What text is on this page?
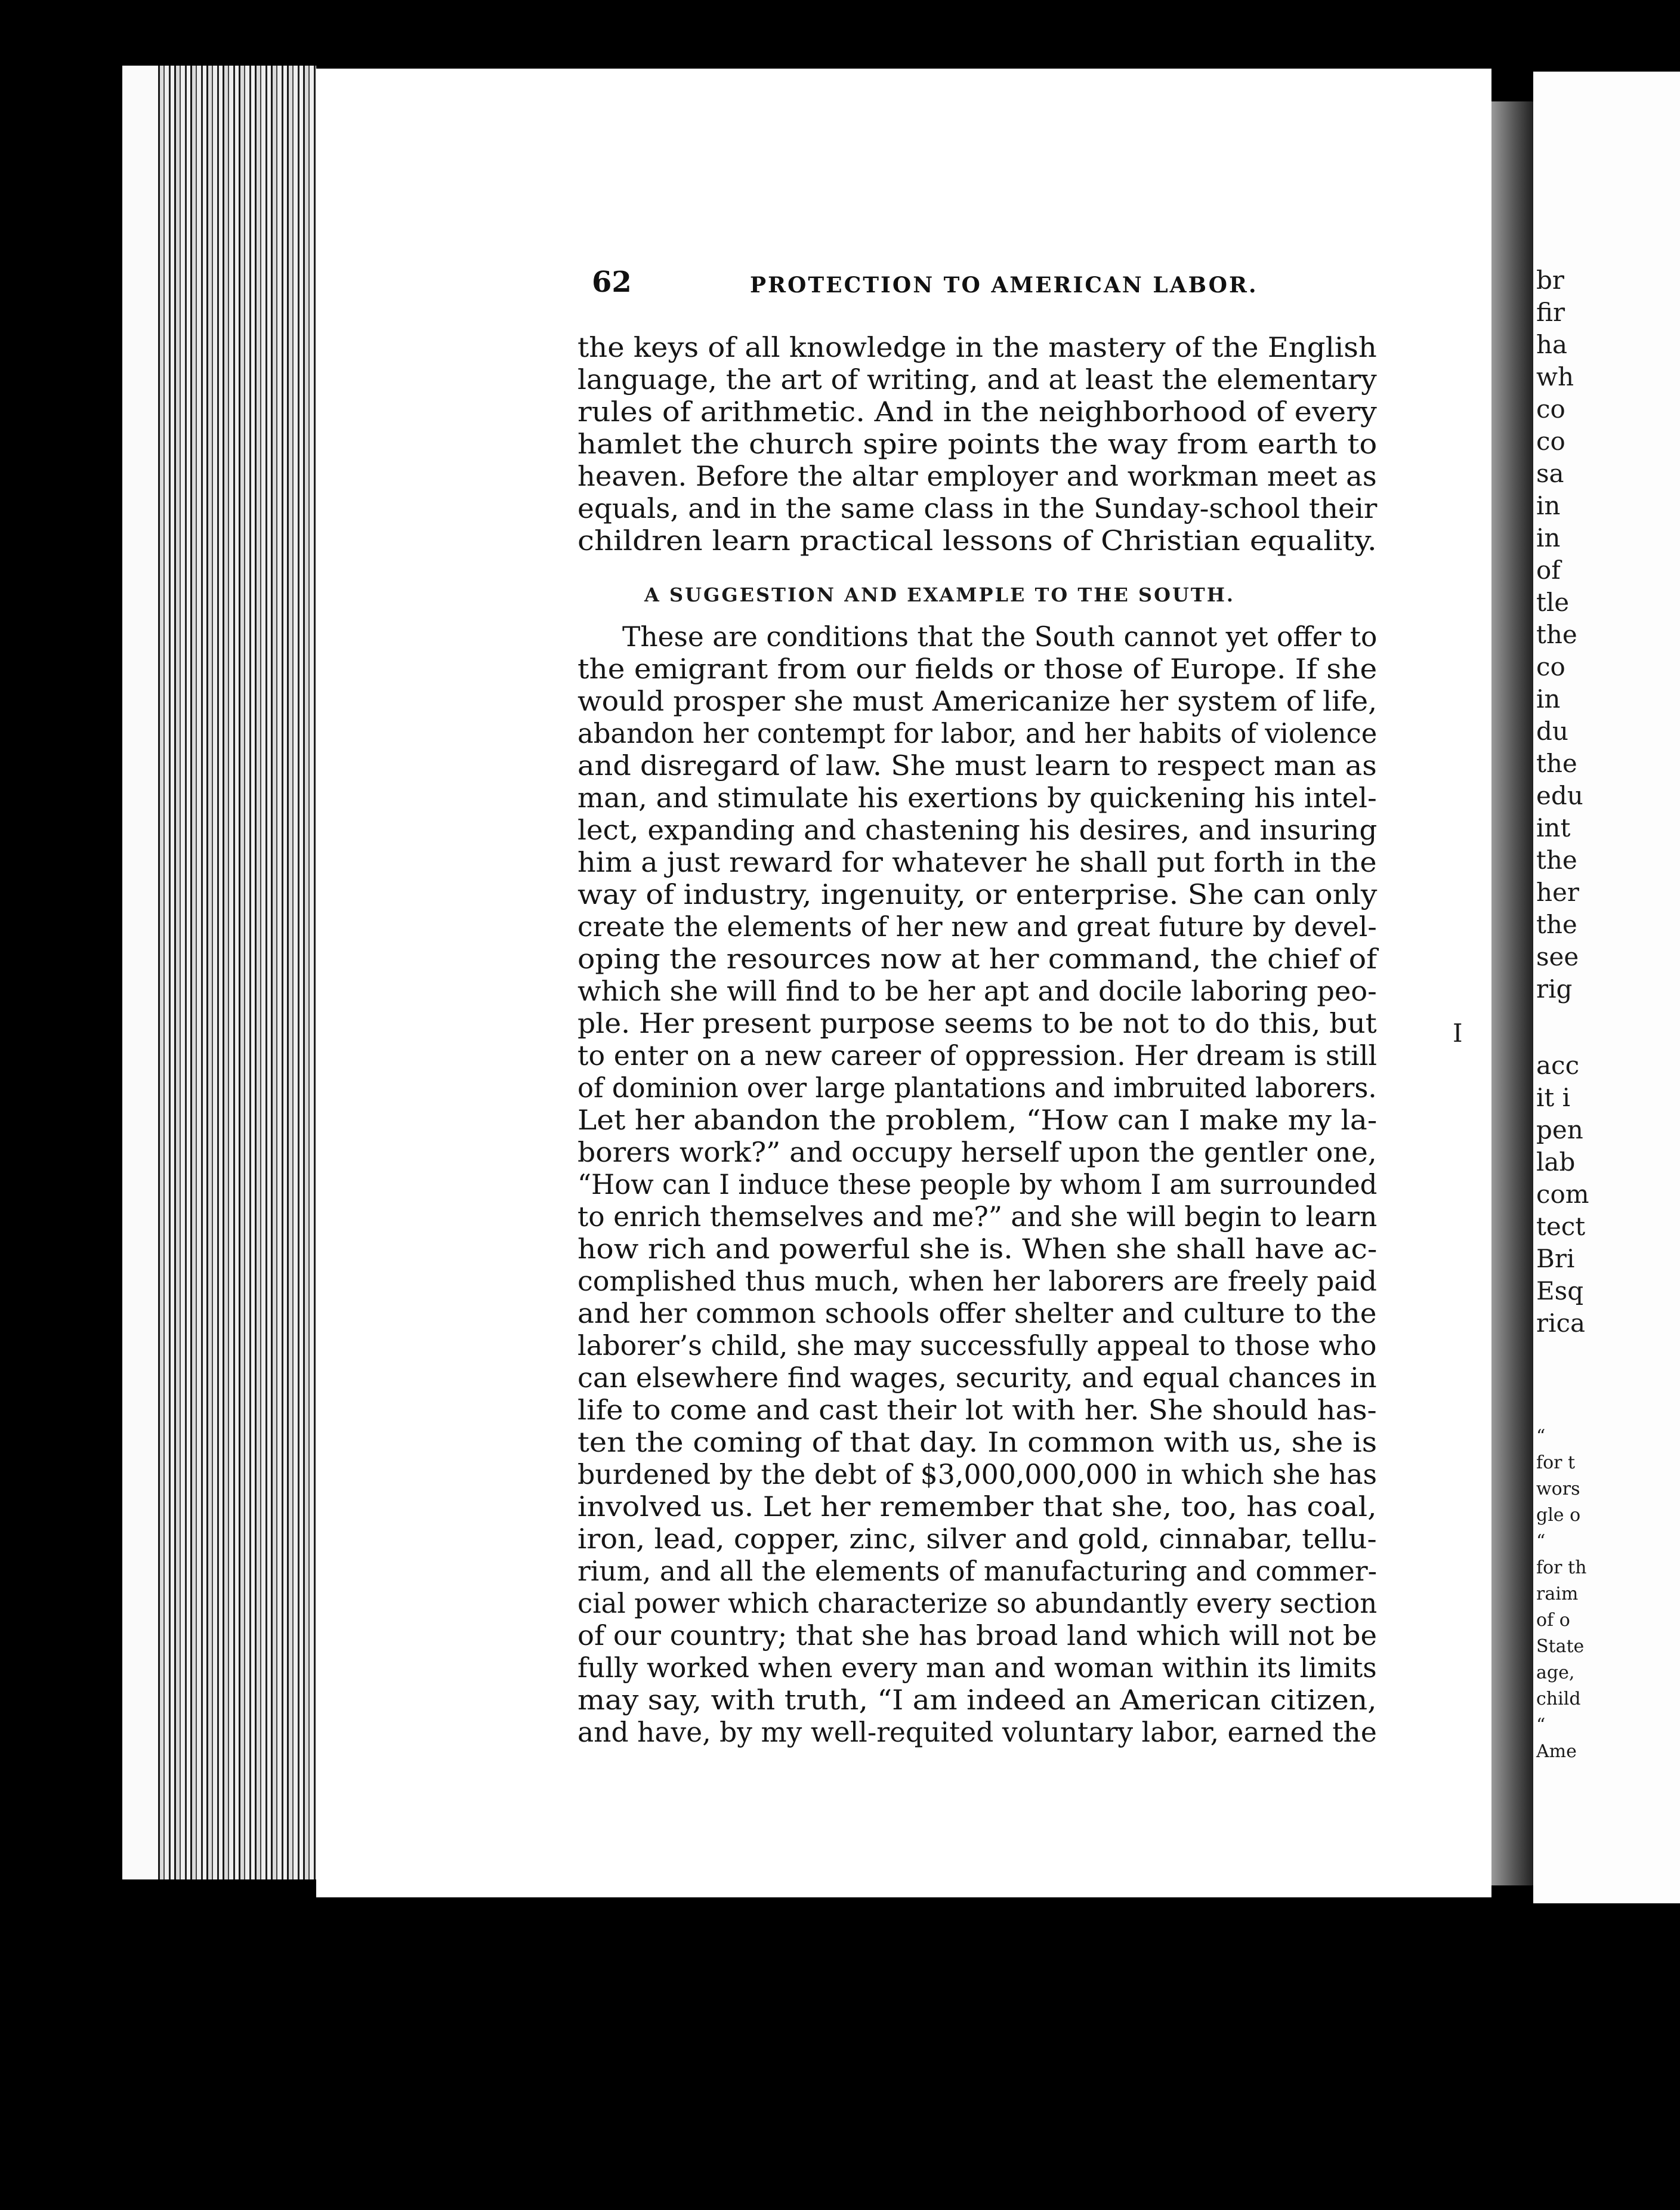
62	PROTECTION TO AMERICAN LABOR.
the keys of all knowledge in the mastery of the English
language, the art of writing, and at least the elementary
rules of arithmetic. And in the neighborhood of every
hamlet the church spire points the way from earth to
heaven. Before the altar employer and workman meet as
equals, and in the same class in the Sunday-school their
children learn practical lessons of Christian equality.
A SUGGESTION AND EXAMPLE TO THE SOUTH.
These are conditions that the South cannot yet offer to
the emigrant from our fields or those of Europe. If she
would prosper she must Americanize her system of life,
abandon her contempt for labor, and her habits of violence
and disregard of law. She must learn to respect man as
man, and stimulate his exertions by quickening his intel-
lect, expanding and chastening his desires, and insuring
him a just reward for whatever he shall put forth in the
way of industry, ingenuity, or enterprise. She can only
create the elements of her new and great future by devel-
oping the resources now at her command, the chief of
which she will find to be her apt and docile laboring peo-
ple. Her present purpose seems to be not to do this, but
to enter on a new career of oppression. Her dream is still
of dominion over large plantations and imbruited laborers.
Let her abandon the problem, “How can I make my la-
borers work?” and occupy herself upon the gentler one,
“How can I induce these people by whom I am surrounded
to enrich themselves and me?” and she will begin to learn
how rich and powerful she is. When she shall have ac-
complished thus much, when her laborers are freely paid
and her common schools offer shelter and culture to the
laborer’s child, she may successfully appeal to those who
can elsewhere find wages, security, and equal chances in
life to come and cast their lot with her. She should has-
ten the coming of that day. In common with us, she is
burdened by the debt of $3,000,000,000 in which she has
involved us. Let her remember that she, too, has coal,
iron, lead, copper, zinc, silver and gold, cinnabar, tellu-
rium, and all the elements of manufacturing and commer-
cial power which characterize so abundantly every section
of our country; that she has broad land which will not be
fully worked when every man and woman within its limits
may say, with truth, “I am indeed an American citizen,
and have, by my well-requited voluntary labor, earned the
br
fir
ha
wh
co
co
sa
in
in
of
tle
the
co
in
du
the
edu
int
the
her
the
see
rig
I
acc
it i
pen
lab
com
tect
Bri
Esq
rica
“
for t
wors
gle o
“
for th
raim
of o
State
age,
child
“
Ame
